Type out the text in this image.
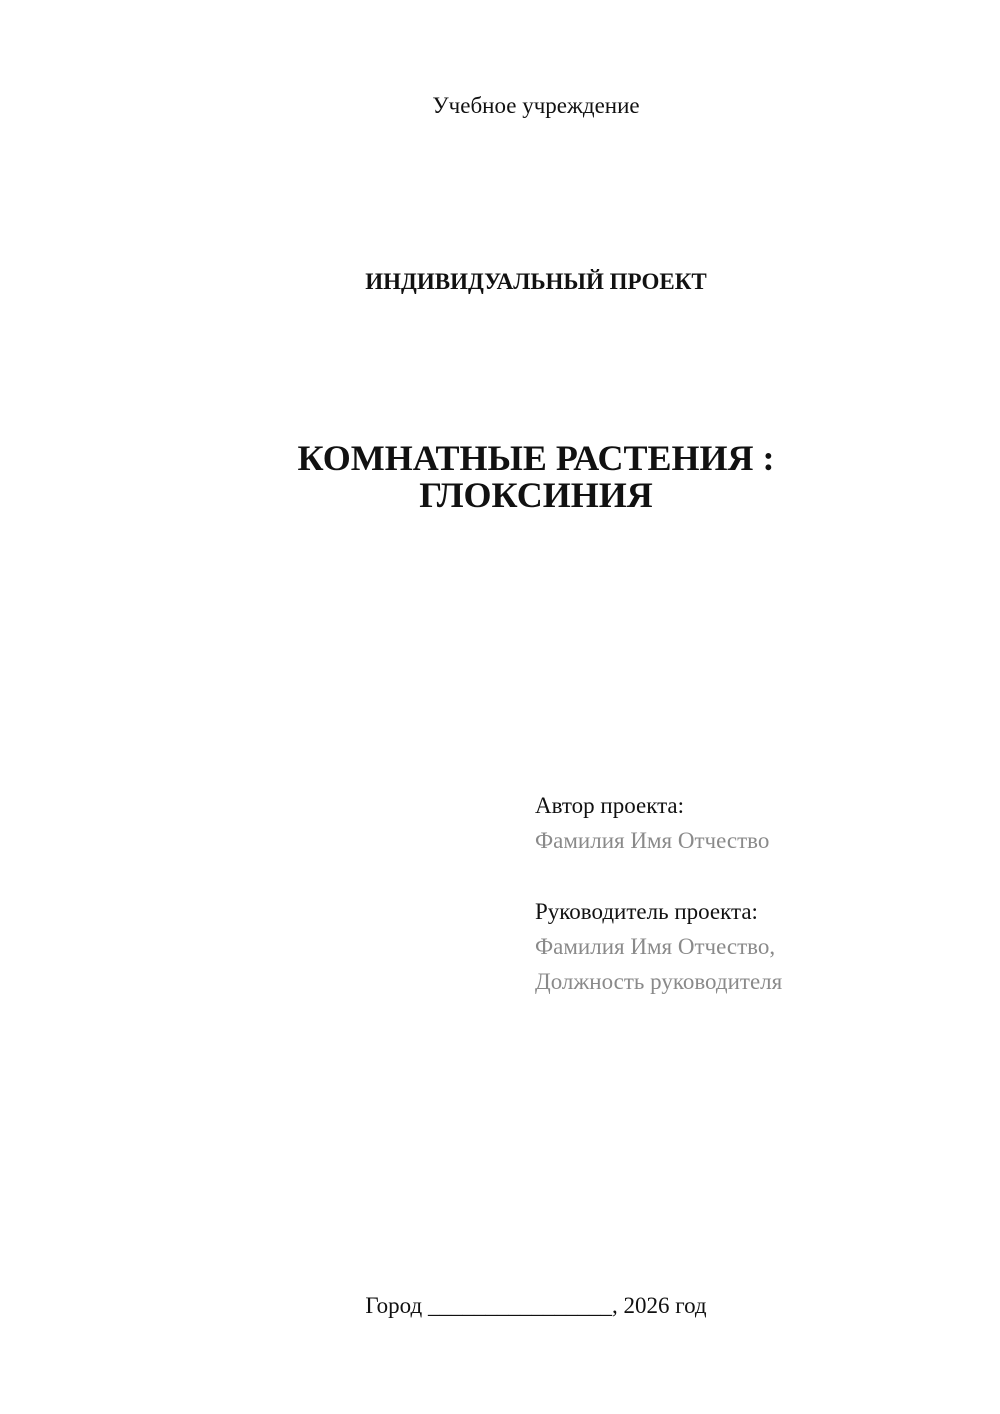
Учебное учреждение
ИНДИВИДУАЛЬНЫЙ ПРОЕКТ
КОМНАТНЫЕ РАСТЕНИЯ :
ГЛОКСИНИЯ
Автор проекта:
Фамилия Имя Отчество
Руководитель проекта:
Фамилия Имя Отчество,
Должность руководителя
Город ________________, 2026 год
